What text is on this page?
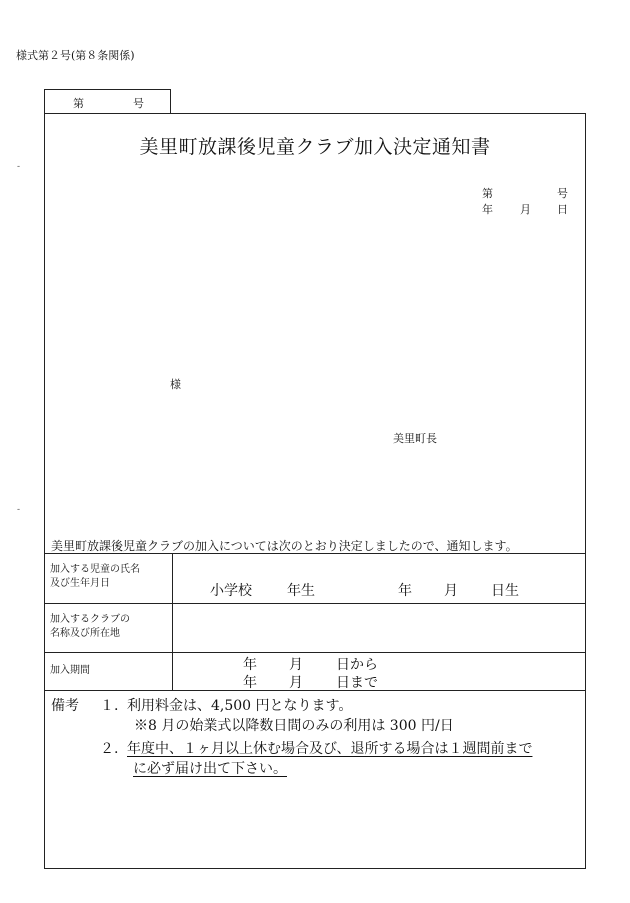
様式第２号(第８条関係)
-
-
第	号
美里町放課後児童クラブ加入決定通知書
第	号
年 月 日
様
美里町長
美里町放課後児童クラブの加入については次のとおり決定しましたので、通知します。
加入する児童の氏名
及び生年月日	小学校	年生	年 月 日生
加入するクラブの
名称及び所在地
加入期間	年 月 日から
年 月 日まで
備考 １. 利用料金は、4,500 円となります。
※8 月の始業式以降数日間のみの利用は 300 円/日
２. 年度中、１ヶ月以上休む場合及び、退所する場合は１週間前まで
に必ず届け出て下さい。
